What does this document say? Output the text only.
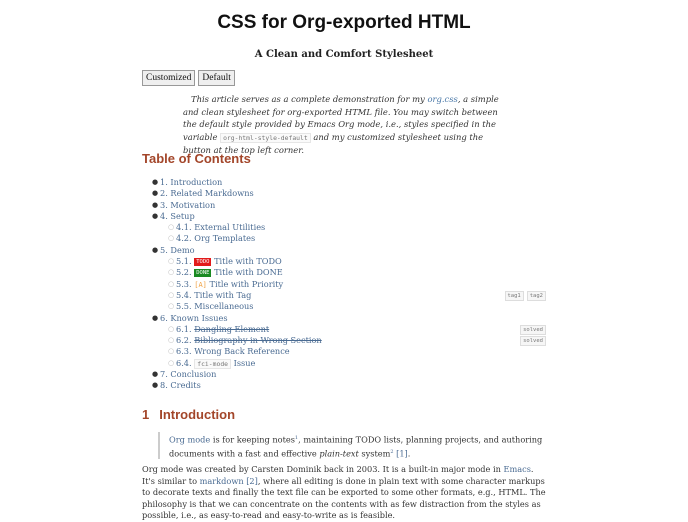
CSS for Org-exported HTML
A Clean and Comfort Stylesheet
Customized	Default
This article serves as a complete demonstration for my org.css, a simple and clean stylesheet for org-exported HTML file. You may switch between the default style provided by Emacs Org mode, i.e., styles specified in the variable org-html-style-default and my customized stylesheet using the button at the top left corner.
Table of Contents
● 1. Introduction
● 2. Related Markdowns
● 3. Motivation
● 4. Setup
○ 4.1. External Utilities
○ 4.2. Org Templates
● 5. Demo
○ 5.1. TODO Title with TODO
○ 5.2. DONE Title with DONE
○ 5.3. [A] Title with Priority
○ 5.4. Title with Tag	tag1	tag2
○ 5.5. Miscellaneous
● 6. Known Issues
○ 6.1. Dangling Element	solved
○ 6.2. Bibliography in Wrong Section	solved
○ 6.3. Wrong Back Reference
○ 6.4. fci-mode Issue
● 7. Conclusion
● 8. Credits
1 Introduction
Org mode is for keeping notes$^1$, maintaining TODO lists, planning projects, and authoring documents with a fast and effective plain-text system$^2$ [1].
Org mode was created by Carsten Dominik back in 2003. It is a built-in major mode in Emacs. It's similar to markdown [2], where all editing is done in plain text with some character markups to decorate texts and finally the text file can be exported to some other formats, e.g., HTML. The philosophy is that we can concentrate on the contents with as few distraction from the styles as possible, i.e., as easy-to-read and easy-to-write as is feasible.
